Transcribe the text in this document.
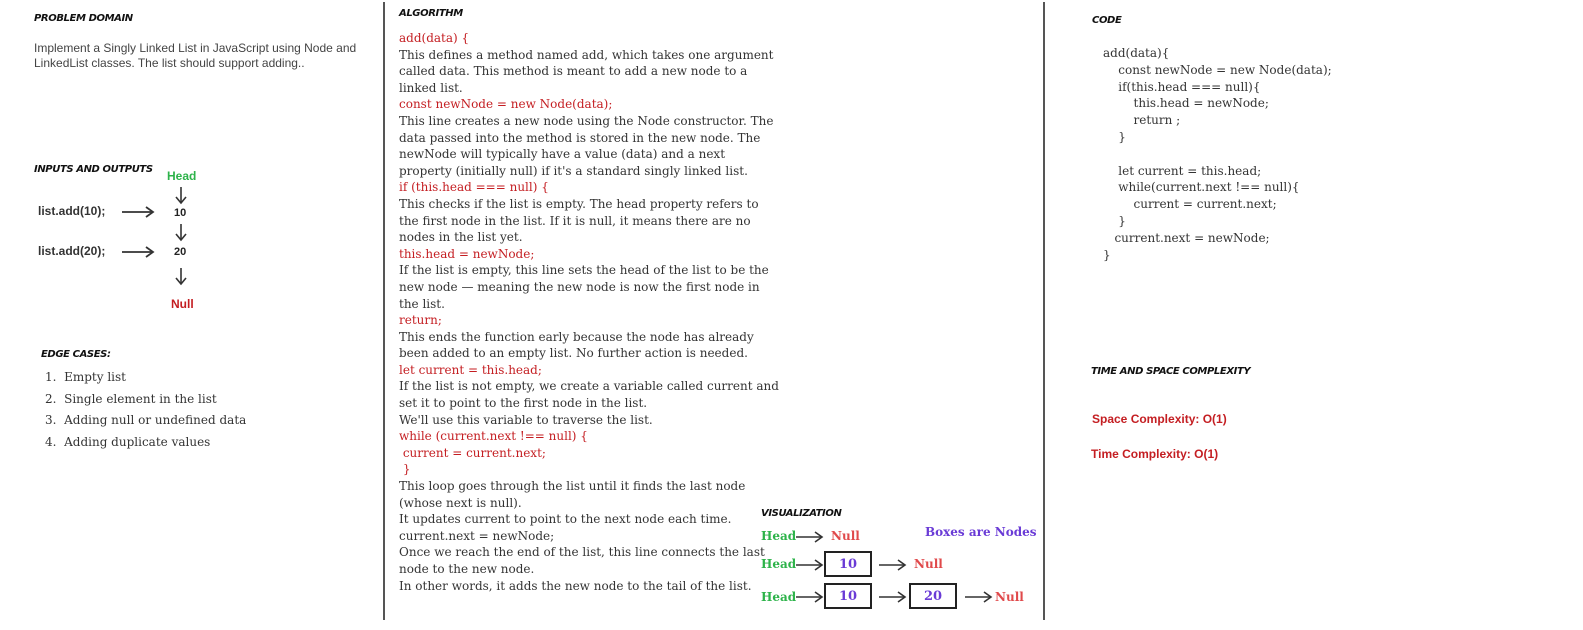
PROBLEM DOMAIN
Implement a Singly Linked List in JavaScript using Node and LinkedList classes. The list should support adding..
INPUTS AND OUTPUTS Head
10
20
Null
list.add(10);
list.add(20);
EDGE CASES:
1. Empty list
2. Single element in the list
3. Adding null or undefined data
4. Adding duplicate values
ALGORITHM
add(data) {
This defines a method named add, which takes one argument called data. This method is meant to add a new node to a linked list.
const newNode = new Node(data);
This line creates a new node using the Node constructor. The data passed into the method is stored in the new node. The newNode will typically have a value (data) and a next property (initially null) if it's a standard singly linked list.
if (this.head === null) {
This checks if the list is empty. The head property refers to the first node in the list. If it is null, it means there are no nodes in the list yet.
this.head = newNode;
If the list is empty, this line sets the head of the list to be the new node — meaning the new node is now the first node in the list.
return;
This ends the function early because the node has already been added to an empty list. No further action is needed.
let current = this.head;
If the list is not empty, we create a variable called current and set it to point to the first node in the list.
We'll use this variable to traverse the list.
while (current.next !== null) {
current = current.next;
}
This loop goes through the list until it finds the last node (whose next is null).
It updates current to point to the next node each time.
current.next = newNode;
Once we reach the end of the list, this line connects the last node to the new node.
In other words, it adds the new node to the tail of the list.
VISUALIZATION
Boxes are Nodes
Head	Null
Head	10	Null
Head	10	20	Null
CODE
add(data){
const newNode = new Node(data);
if(this.head === null){
this.head = newNode;
return ;
}
let current = this.head;
while(current.next !== null){
current = current.next;
}
current.next = newNode;
}
TIME AND SPACE COMPLEXITY
Space Complexity: O(1)
Time Complexity: O(1)
